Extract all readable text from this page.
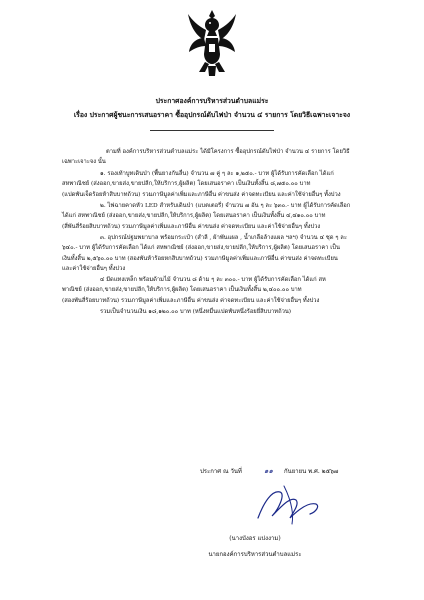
ประกาศองค์การบริหารส่วนตำบลแม่ระ
เรื่อง ประกาศผู้ชนะการเสนอราคา ซื้ออุปกรณ์ดับไฟป่า จำนวน ๔ รายการ โดยวิธีเฉพาะเจาะจง
ตามที่ องค์การบริหารส่วนตำบลแม่ระ ได้มีโครงการ ซื้ออุปกรณ์ดับไฟป่า จำนวน ๔ รายการ โดยวิธี
เฉพาะเจาะจง นั้น
๑. รองเท้าบูทเดินป่า (พื้นยางกันลื่น) จำนวน ๗ คู่ ๆ ละ ๑,๒๕๐.- บาท ผู้ได้รับการคัดเลือก ได้แก่
สหพาณิชย์ (ส่งออก,ขายส่ง,ขายปลีก,ให้บริการ,ผู้ผลิต) โดยเสนอราคา เป็นเงินทั้งสิ้น ๘,๗๕๐.๐๐ บาท
(แปดพันเจ็ดร้อยห้าสิบบาทถ้วน) รวมภาษีมูลค่าเพิ่มและภาษีอื่น ค่าขนส่ง ค่าจดทะเบียน และค่าใช้จ่ายอื่นๆ ทั้งปวง
๒. ไฟฉายคาดหัว LED สำหรับเดินป่า (แบตเตอรี่) จำนวน ๗ อัน ๆ ละ ๖๓๐.- บาท ผู้ได้รับการคัดเลือก
ได้แก่ สหพาณิชย์ (ส่งออก,ขายส่ง,ขายปลีก,ให้บริการ,ผู้ผลิต) โดยเสนอราคา เป็นเงินทั้งสิ้น ๔,๔๑๐.๐๐ บาท
(สี่พันสี่ร้อยสิบบาทถ้วน) รวมภาษีมูลค่าเพิ่มและภาษีอื่น ค่าขนส่ง ค่าจดทะเบียน และค่าใช้จ่ายอื่นๆ ทั้งปวง
๓. อุปกรณ์ปฐมพยาบาล พร้อมกระเป๋า (สำลี , ผ้าพันแผล , น้ำเกลือล้างแผล ฯลฯ) จำนวน ๔ ชุด ๆ ละ
๖๔๐.- บาท ผู้ได้รับการคัดเลือก ได้แก่ สหพาณิชย์ (ส่งออก,ขายส่ง,ขายปลีก,ให้บริการ,ผู้ผลิต) โดยเสนอราคา เป็น
เงินทั้งสิ้น ๒,๕๖๐.๐๐ บาท (สองพันห้าร้อยหกสิบบาทถ้วน) รวมภาษีมูลค่าเพิ่มและภาษีอื่น ค่าขนส่ง ค่าจดทะเบียน
และค่าใช้จ่ายอื่นๆ ทั้งปวง
๔ มีดแทงเหล็ก พร้อมด้ามไม้ จำนวน ๘ ด้าม ๆ ละ ๓๐๐.- บาท ผู้ได้รับการคัดเลือก ได้แก่ สห
พาณิชย์ (ส่งออก,ขายส่ง,ขายปลีก,ให้บริการ,ผู้ผลิต) โดยเสนอราคา เป็นเงินทั้งสิ้น ๒,๔๐๐.๐๐ บาท
(สองพันสี่ร้อยบาทถ้วน) รวมภาษีมูลค่าเพิ่มและภาษีอื่น ค่าขนส่ง ค่าจดทะเบียน และค่าใช้จ่ายอื่นๆ ทั้งปวง
รวมเป็นจำนวนเงิน ๑๘,๑๒๐.๐๐ บาท (หนึ่งหมื่นแปดพันหนึ่งร้อยยี่สิบบาทถ้วน)
ประกาศ ณ วันที่	๑๑ กันยายน พ.ศ. ๒๕๖๗
(นางบังอร แปงงาม)
นายกองค์การบริหารส่วนตำบลแม่ระ
